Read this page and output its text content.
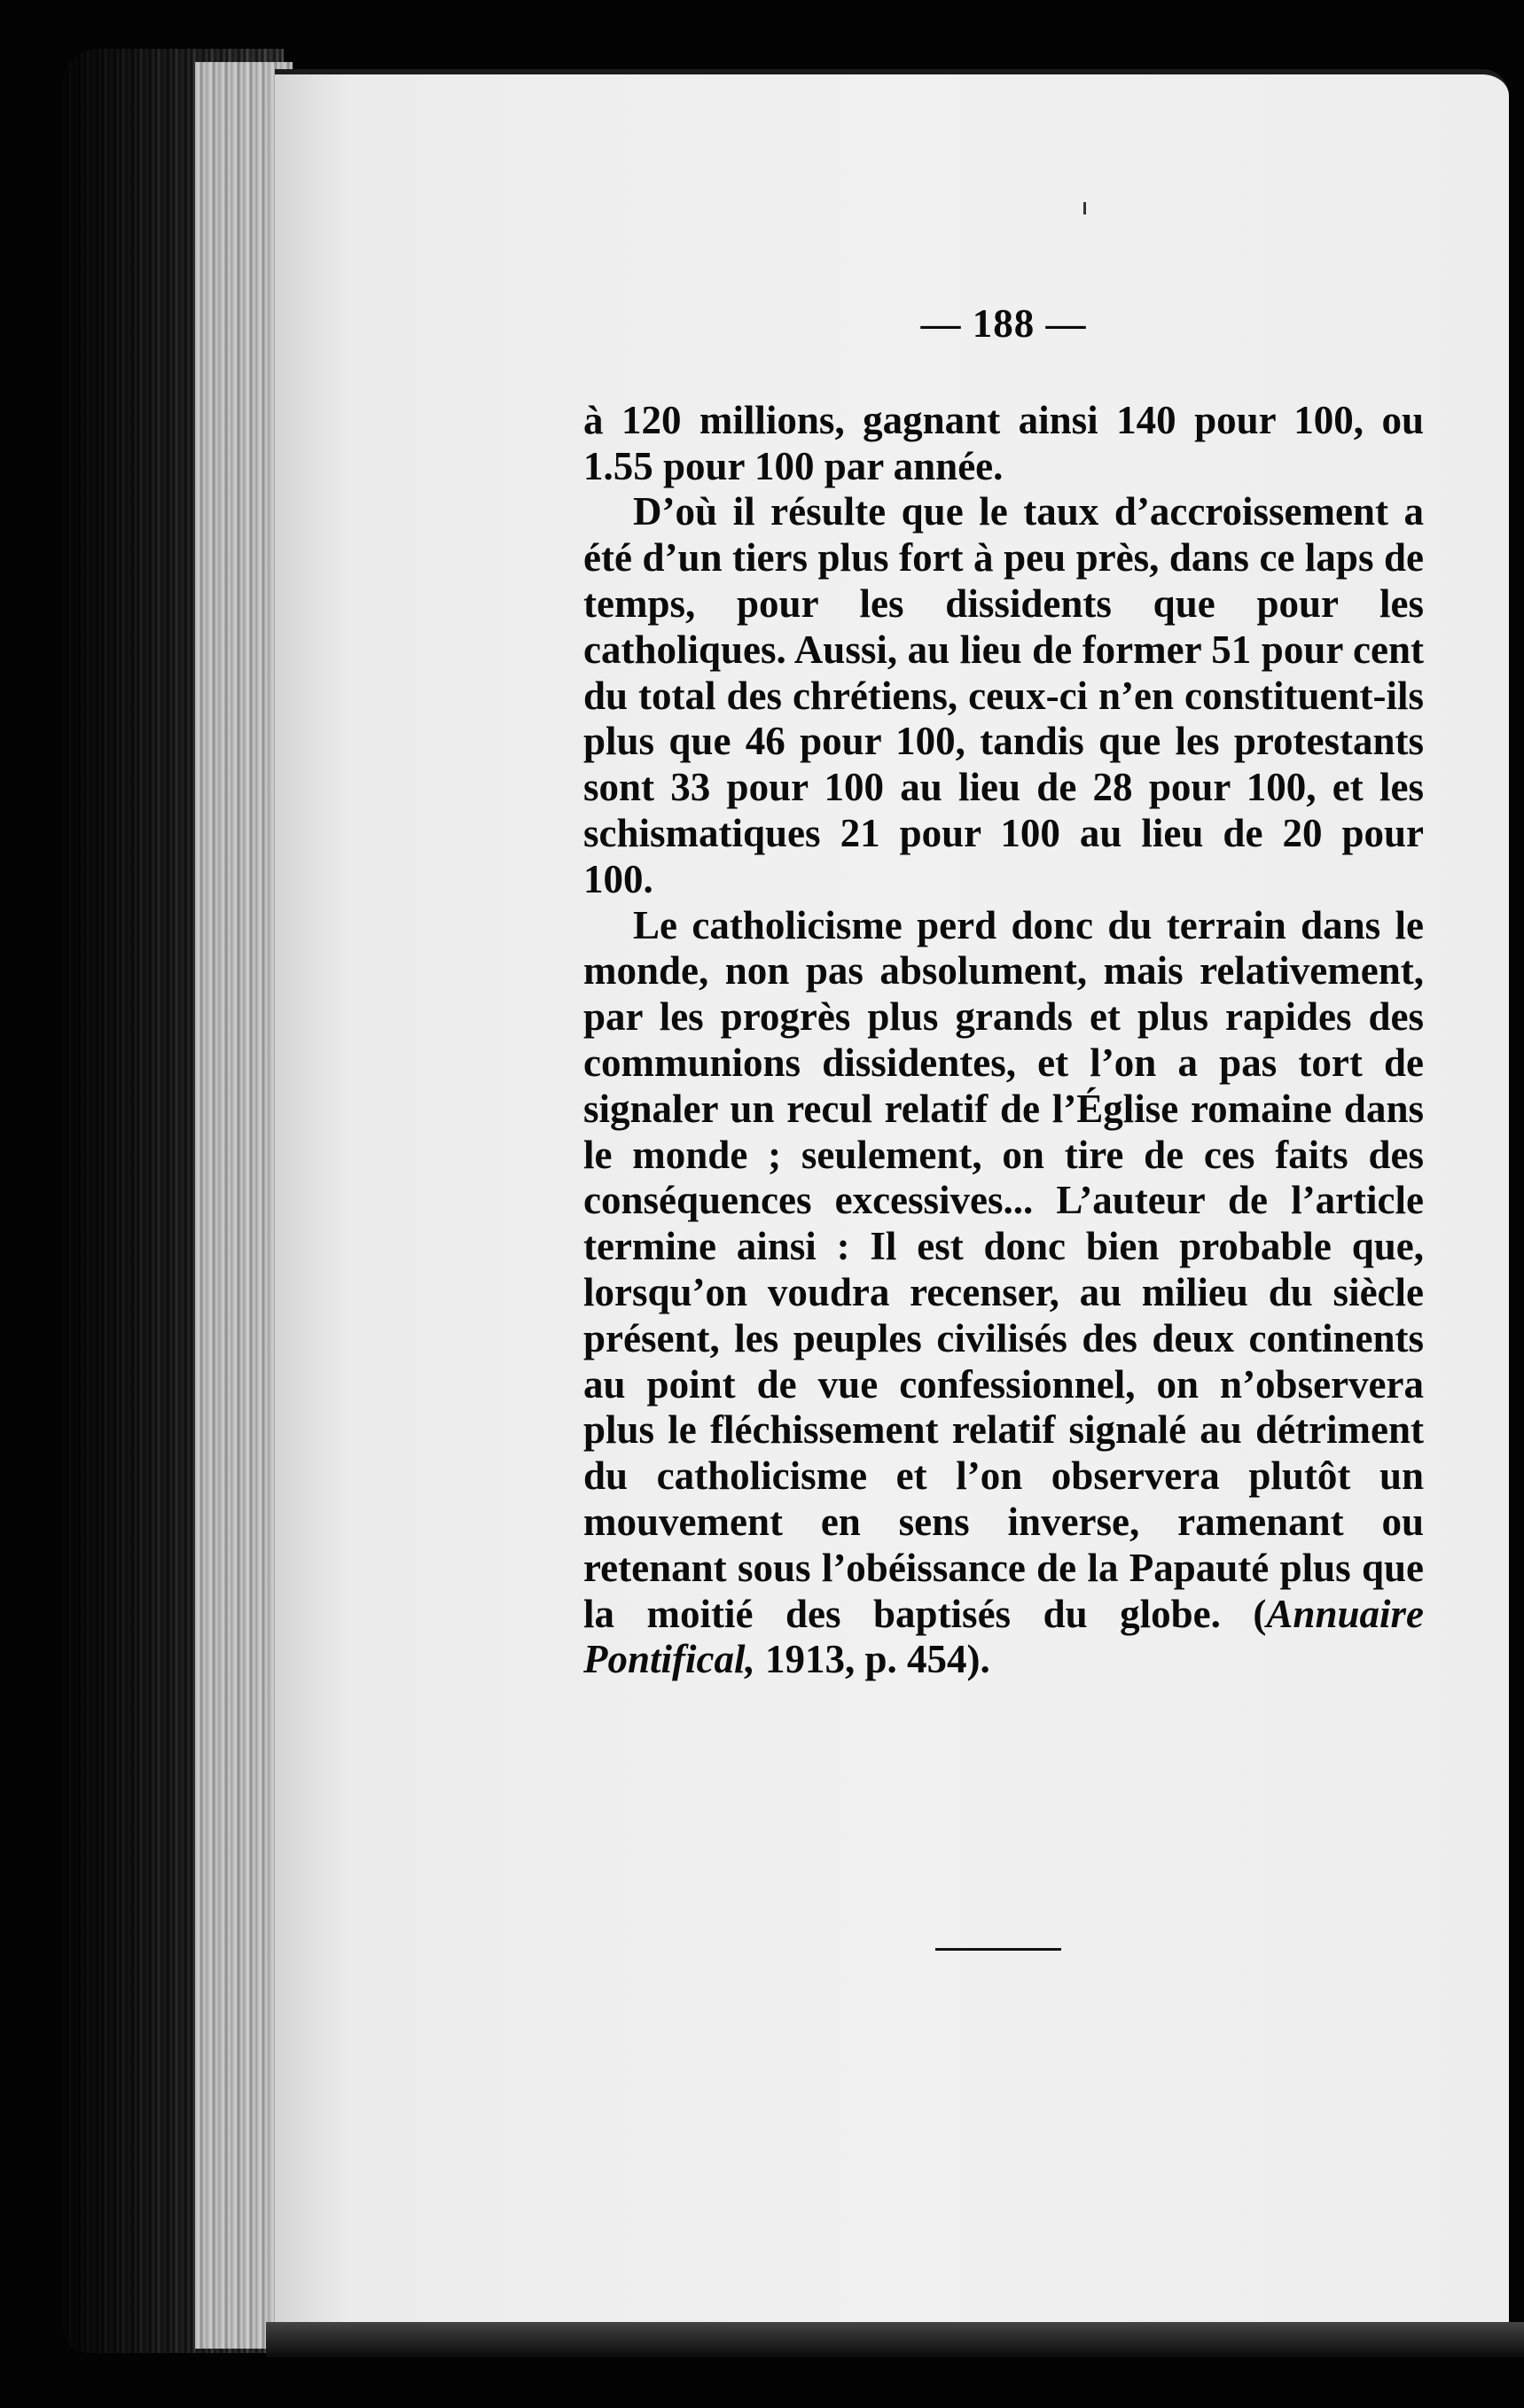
— 188 —

à 120 millions, gagnant ainsi 140 pour 100, ou 1.55 pour 100 par année.

D’où il résulte que le taux d’accroissement a été d’un tiers plus fort à peu près, dans ce laps de temps, pour les dissidents que pour les catholiques. Aussi, au lieu de former 51 pour cent du total des chrétiens, ceux-ci n’en constituent-ils plus que 46 pour 100, tandis que les protestants sont 33 pour 100 au lieu de 28 pour 100, et les schismatiques 21 pour 100 au lieu de 20 pour 100.

Le catholicisme perd donc du terrain dans le monde, non pas absolument, mais relativement, par les progrès plus grands et plus rapides des communions dissidentes, et l’on a pas tort de signaler un recul relatif de l’Église romaine dans le monde ; seulement, on tire de ces faits des conséquences excessives... L’auteur de l’article termine ainsi : Il est donc bien probable que, lorsqu’on voudra recenser, au milieu du siècle présent, les peuples civilisés des deux continents au point de vue confessionnel, on n’observera plus le fléchissement relatif signalé au détriment du catholicisme et l’on observera plutôt un mouvement en sens inverse, ramenant ou retenant sous l’obéissance de la Papauté plus que la moitié des baptisés du globe. (Annuaire Pontifical, 1913, p. 454).
